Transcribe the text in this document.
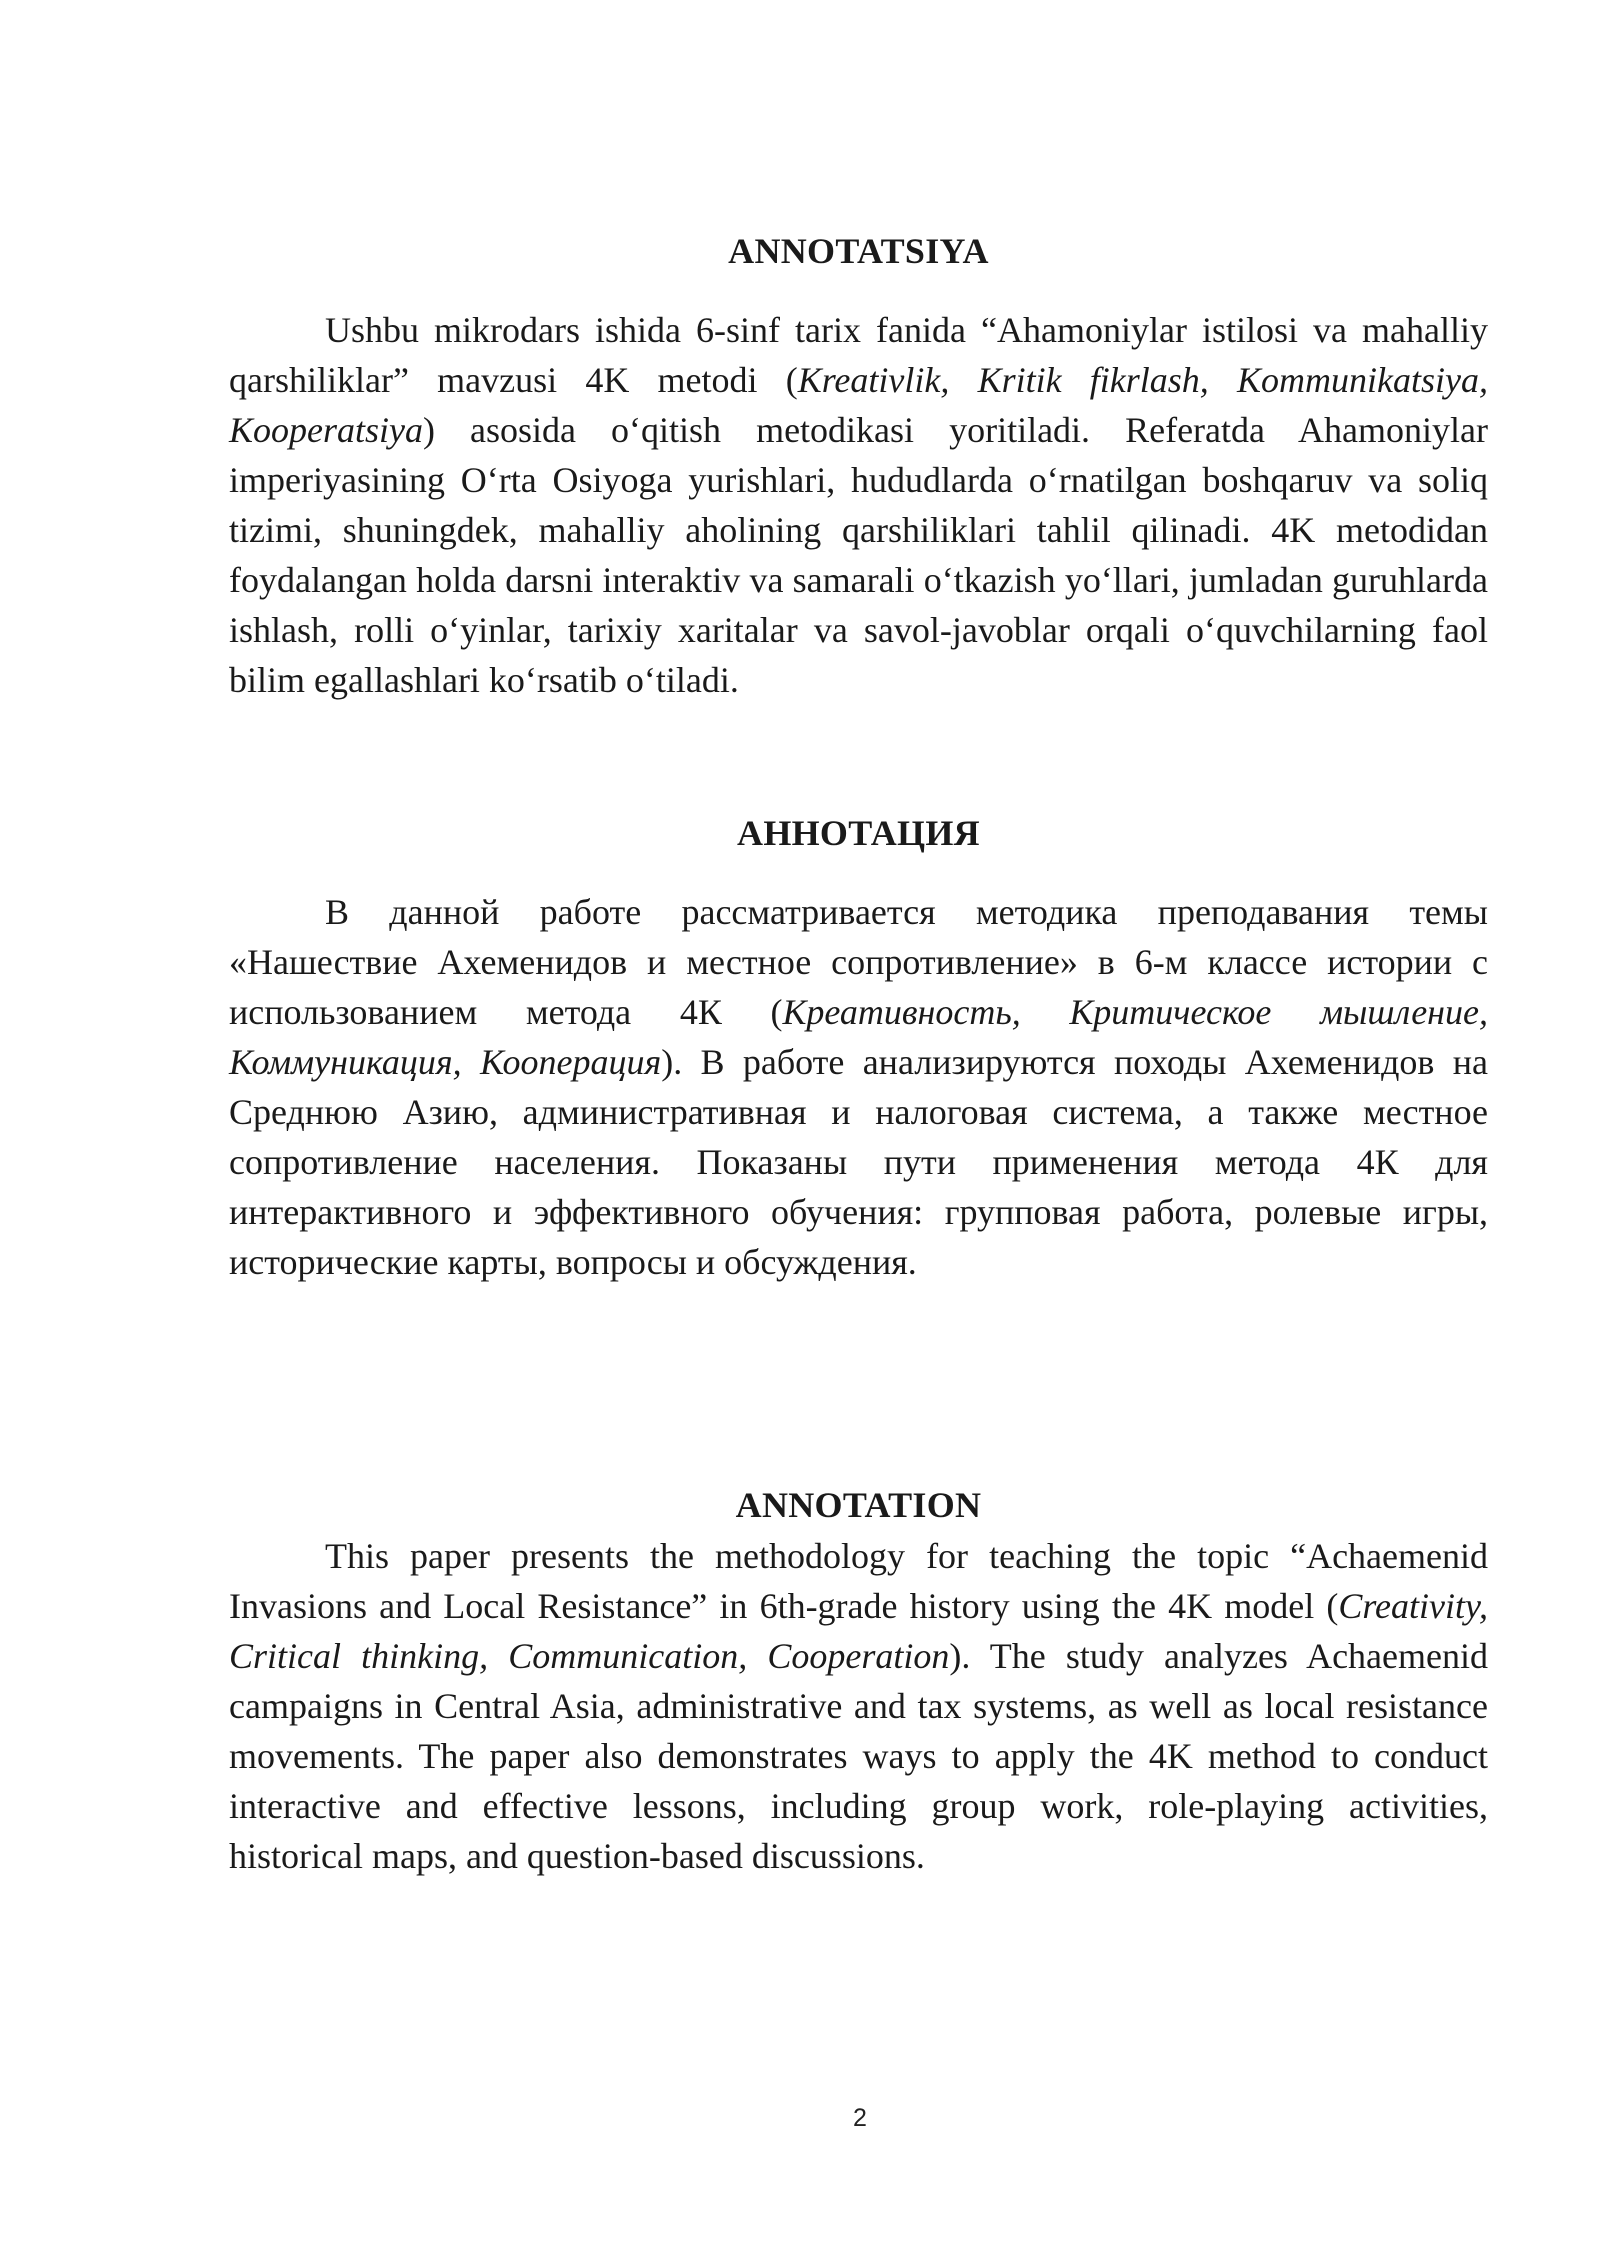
ANNOTATSIYA

Ushbu mikrodars ishida 6-sinf tarix fanida “Ahamoniylar istilosi va mahalliy qarshiliklar” mavzusi 4K metodi (Kreativlik, Kritik fikrlash, Kommunikatsiya, Kooperatsiya) asosida oʻqitish metodikasi yoritiladi. Referatda Ahamoniylar imperiyasining Oʻrta Osiyoga yurishlari, hududlarda oʻrnatilgan boshqaruv va soliq tizimi, shuningdek, mahalliy aholining qarshiliklari tahlil qilinadi. 4K metodidan foydalangan holda darsni interaktiv va samarali oʻtkazish yoʻllari, jumladan guruhlarda ishlash, rolli oʻyinlar, tarixiy xaritalar va savol-javoblar orqali oʻquvchilarning faol bilim egallashlari koʻrsatib oʻtiladi.

АННОТАЦИЯ

В данной работе рассматривается методика преподавания темы «Нашествие Ахеменидов и местное сопротивление» в 6-м классе истории с использованием метода 4К (Креативность, Критическое мышление, Коммуникация, Кооперация). В работе анализируются походы Ахеменидов на Среднюю Азию, административная и налоговая система, а также местное сопротивление населения. Показаны пути применения метода 4К для интерактивного и эффективного обучения: групповая работа, ролевые игры, исторические карты, вопросы и обсуждения.

ANNOTATION

This paper presents the methodology for teaching the topic “Achaemenid Invasions and Local Resistance” in 6th-grade history using the 4K model (Creativity, Critical thinking, Communication, Cooperation). The study analyzes Achaemenid campaigns in Central Asia, administrative and tax systems, as well as local resistance movements. The paper also demonstrates ways to apply the 4K method to conduct interactive and effective lessons, including group work, role-playing activities, historical maps, and question-based discussions.

2
